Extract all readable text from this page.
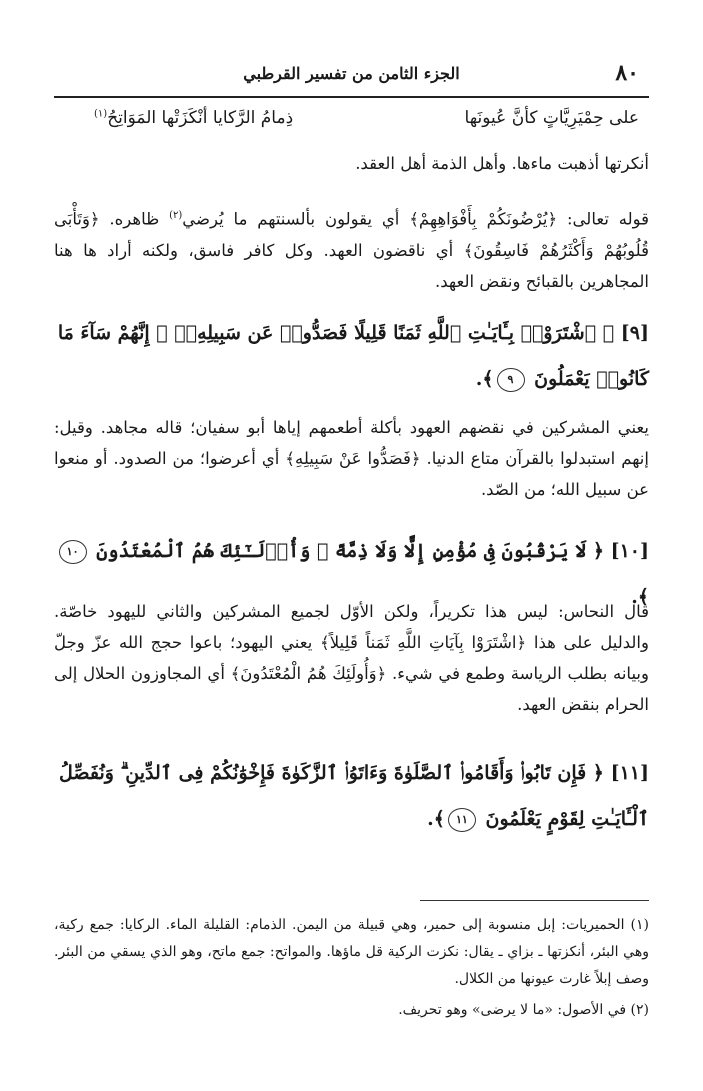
٨٠
الجزء الثامن من تفسير القرطبي
على حِمْيَرِيَّاتٍ كأنَّ عُيونَها
ذِمامُ الرَّكايا أنْكَزَتْها المَوَاتِحُ$^{(١)}$
أنكرتها أذهبت ماءها. وأهل الذمة أهل العقد.
قوله تعالى: ﴿يُرْضُونَكُمْ بِأَفْوَاهِهِمْ﴾ أي يقولون بألسنتهم ما يُرضي$^{(٢)}$ ظاهره. ﴿وَتَأْبَى قُلُوبُهُمْ وَأَكْثَرُهُمْ فَاسِقُونَ﴾ أي ناقضون العهد. وكل كافر فاسق، ولكنه أراد ها هنا المجاهرين بالقبائح ونقض العهد.
[٩] ﴿ ٱشْتَرَوْا۟ بِـَٔايَـٰتِ ٱللَّهِ ثَمَنًا قَلِيلًا فَصَدُّوا۟ عَن سَبِيلِهِۦٓ ۚ إِنَّهُمْ سَآءَ مَا كَانُوا۟ يَعْمَلُونَ ٩﴾.
يعني المشركين في نقضهم العهود بأكلة أطعمهم إياها أبو سفيان؛ قاله مجاهد. وقيل: إنهم استبدلوا بالقرآن متاع الدنيا. ﴿فَصَدُّوا عَنْ سَبِيلِهِ﴾ أي أعرضوا؛ من الصدود. أو منعوا عن سبيل الله؛ من الصّد.
[١٠] ﴿ لَا يَرْقُبُونَ فِى مُؤْمِنٍ إِلًّا وَلَا ذِمَّةً ۚ وَأُو۟لَـٰٓئِكَ هُمُ ٱلْمُعْتَدُونَ ١٠﴾.
قال النحاس: ليس هذا تكريراً، ولكن الأوّل لجميع المشركين والثاني لليهود خاصّة. والدليل على هذا ﴿اشْتَرَوْا بِآيَاتِ اللَّهِ ثَمَناً قَلِيلاً﴾ يعني اليهود؛ باعوا حجج الله عزّ وجلّ وبيانه بطلب الرياسة وطمع في شيء. ﴿وَأُولَئِكَ هُمُ الْمُعْتَدُونَ﴾ أي المجاوزون الحلال إلى الحرام بنقض العهد.
[١١] ﴿ فَإِن تَابُوا۟ وَأَقَامُوا۟ ٱلصَّلَوٰةَ وَءَاتَوُا۟ ٱلزَّكَوٰةَ فَإِخْوَٰنُكُمْ فِى ٱلدِّينِ ۗ وَنُفَصِّلُ ٱلْـَٔايَـٰتِ لِقَوْمٍ يَعْلَمُونَ ١١﴾.

(١) الحميريات: إبل منسوبة إلى حمير، وهي قبيلة من اليمن. الذمام: القليلة الماء. الركايا: جمع ركية، وهي البئر، أنكزتها ـ بزاي ـ يقال: نكزت الركية قل ماؤها. والمواتح: جمع ماتح، وهو الذي يسقي من البئر. وصف إبلاً غارت عيونها من الكلال.

(٢) في الأصول: «ما لا يرضى» وهو تحريف.
